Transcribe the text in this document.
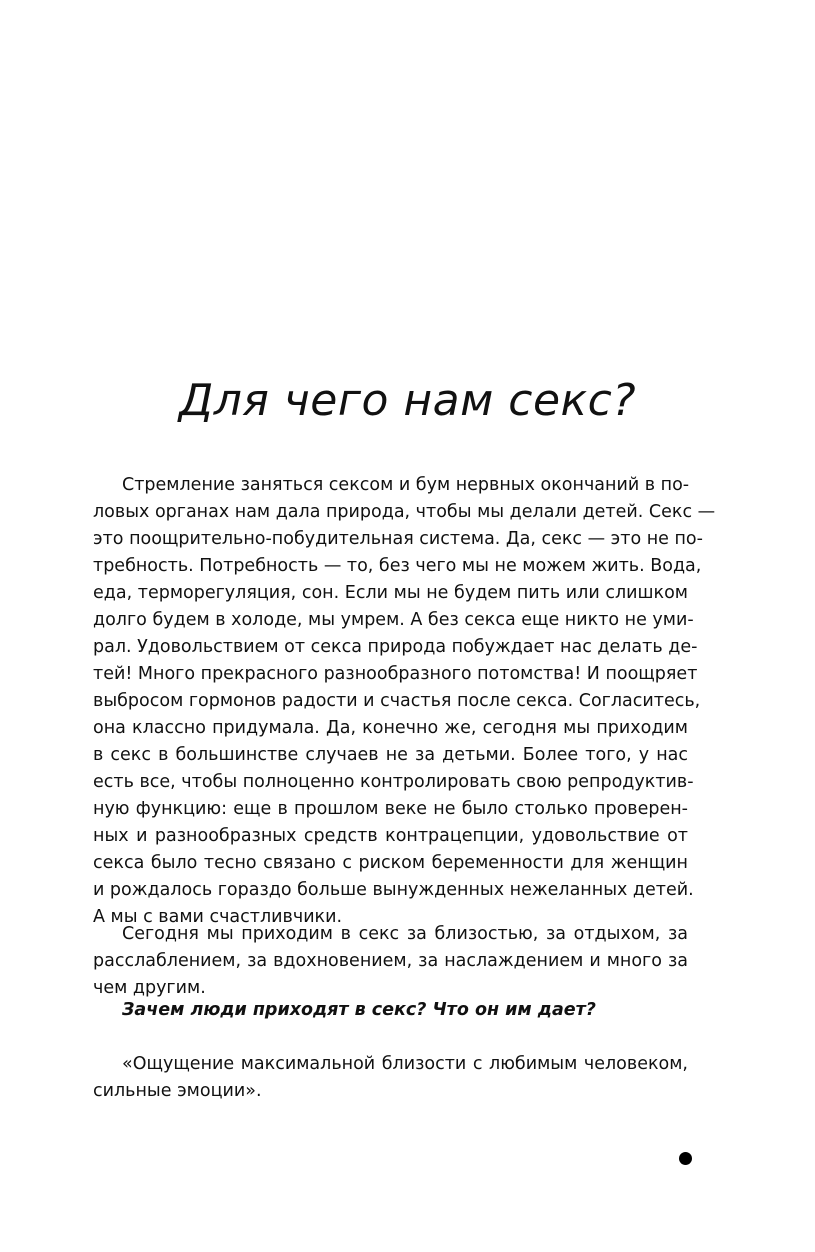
Для чего нам секс?
Стремление заняться сексом и бум нервных окончаний в по-
ловых органах нам дала природа, чтобы мы делали детей. Секс —
это поощрительно-побудительная система. Да, секс — это не по-
требность. Потребность — то, без чего мы не можем жить. Вода,
еда, терморегуляция, сон. Если мы не будем пить или слишком
долго будем в холоде, мы умрем. А без секса еще никто не уми-
рал. Удовольствием от секса природа побуждает нас делать де-
тей! Много прекрасного разнообразного потомства! И поощряет
выбросом гормонов радости и счастья после секса. Согласитесь,
она классно придумала. Да, конечно же, сегодня мы приходим
в секс в большинстве случаев не за детьми. Более того, у нас
есть все, чтобы полноценно контролировать свою репродуктив-
ную функцию: еще в прошлом веке не было столько проверен-
ных и разнообразных средств контрацепции, удовольствие от
секса было тесно связано с риском беременности для женщин
и рождалось гораздо больше вынужденных нежеланных детей.
А мы с вами счастливчики.
Сегодня мы приходим в секс за близостью, за отдыхом, за
расслаблением, за вдохновением, за наслаждением и много за
чем другим.
Зачем люди приходят в секс? Что он им дает?
«Ощущение максимальной близости с любимым человеком,
сильные эмоции».
